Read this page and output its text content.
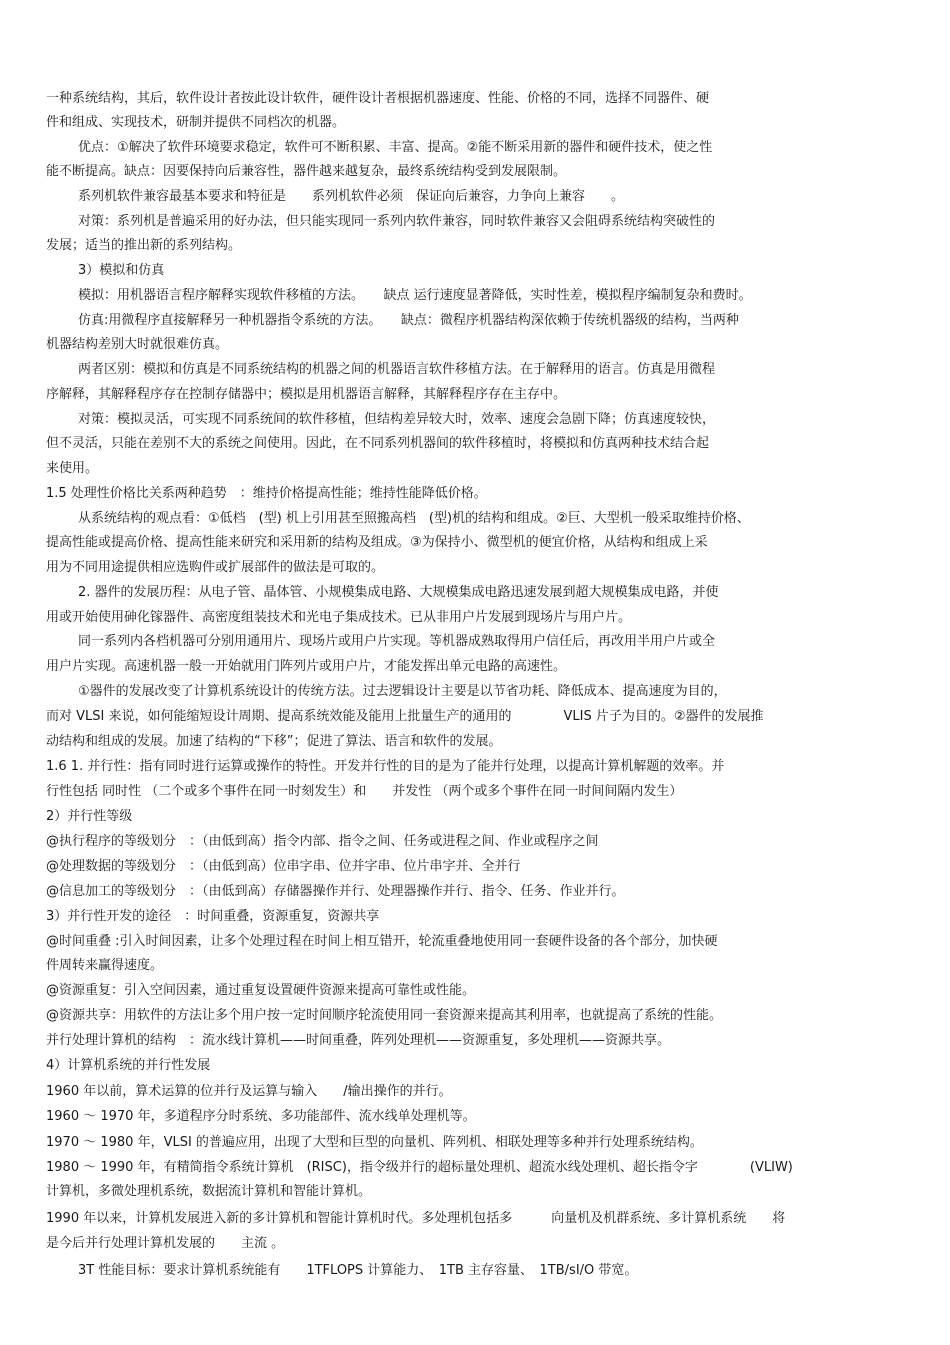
一种系统结构，其后，软件设计者按此设计软件，硬件设计者根据机器速度、性能、价格的不同，选择不同器件、硬
件和组成、实现技术，研制并提供不同档次的机器。
优点：①解决了软件环境要求稳定，软件可不断积累、丰富、提高。②能不断采用新的器件和硬件技术，使之性
能不断提高。缺点：因要保持向后兼容性，器件越来越复杂，最终系统结构受到发展限制。
系列机软件兼容最基本要求和特征是　　系列机软件必须　保证向后兼容，力争向上兼容　　。
对策：系列机是普遍采用的好办法，但只能实现同一系列内软件兼容，同时软件兼容又会阻碍系统结构突破性的
发展；适当的推出新的系列结构。
3）模拟和仿真
模拟：用机器语言程序解释实现软件移植的方法。　　缺点 运行速度显著降低，实时性差，模拟程序编制复杂和费时。
仿真:用微程序直接解释另一种机器指令系统的方法。　　缺点：微程序机器结构深依赖于传统机器级的结构，当两种
机器结构差别大时就很难仿真。
两者区别：模拟和仿真是不同系统结构的机器之间的机器语言软件移植方法。在于解释用的语言。仿真是用微程
序解释，其解释程序存在控制存储器中；模拟是用机器语言解释，其解释程序存在主存中。
对策：模拟灵活，可实现不同系统间的软件移植，但结构差异较大时，效率、速度会急剧下降；仿真速度较快，
但不灵活，只能在差别不大的系统之间使用。因此，在不同系列机器间的软件移植时，将模拟和仿真两种技术结合起
来使用。
1.5 处理性价格比关系两种趋势　：维持价格提高性能；维持性能降低价格。
从系统结构的观点看：①低档　(型) 机上引用甚至照搬高档　(型)机的结构和组成。②巨、大型机一般采取维持价格、
提高性能或提高价格、提高性能来研究和采用新的结构及组成。③为保持小、微型机的便宜价格，从结构和组成上采
用为不同用途提供相应选购件或扩展部件的做法是可取的。
2. 器件的发展历程：从电子管、晶体管、小规模集成电路、大规模集成电路迅速发展到超大规模集成电路，并使
用或开始使用砷化镓器件、高密度组装技术和光电子集成技术。已从非用户片发展到现场片与用户片。
同一系列内各档机器可分别用通用片、现场片或用户片实现。等机器成熟取得用户信任后，再改用半用户片或全
用户片实现。高速机器一般一开始就用门阵列片或用户片，才能发挥出单元电路的高速性。
①器件的发展改变了计算机系统设计的传统方法。过去逻辑设计主要是以节省功耗、降低成本、提高速度为目的，
而对 VLSI 来说，如何能缩短设计周期、提高系统效能及能用上批量生产的通用的　　　　VLIS 片子为目的。②器件的发展推
动结构和组成的发展。加速了结构的“下移”；促进了算法、语言和软件的发展。
1.6 1. 并行性：指有同时进行运算或操作的特性。开发并行性的目的是为了能并行处理，以提高计算机解题的效率。并
行性包括 同时性 （二个或多个事件在同一时刻发生）和　　并发性 （两个或多个事件在同一时间间隔内发生）
2）并行性等级
@执行程序的等级划分　：（由低到高）指令内部、指令之间、任务或进程之间、作业或程序之间
@处理数据的等级划分　：（由低到高）位串字串、位并字串、位片串字并、全并行
@信息加工的等级划分　：（由低到高）存储器操作并行、处理器操作并行、指令、任务、作业并行。
3）并行性开发的途径　：时间重叠，资源重复，资源共享
@时间重叠 :引入时间因素，让多个处理过程在时间上相互错开，轮流重叠地使用同一套硬件设备的各个部分，加快硬
件周转来赢得速度。
@资源重复：引入空间因素，通过重复设置硬件资源来提高可靠性或性能。
@资源共享：用软件的方法让多个用户按一定时间顺序轮流使用同一套资源来提高其利用率，也就提高了系统的性能。
并行处理计算机的结构　：流水线计算机——时间重叠，阵列处理机——资源重复，多处理机——资源共享。
4）计算机系统的并行性发展
1960 年以前，算术运算的位并行及运算与输入　　/输出操作的并行。
1960 ～ 1970 年，多道程序分时系统、多功能部件、流水线单处理机等。
1970 ～ 1980 年，VLSI 的普遍应用，出现了大型和巨型的向量机、阵列机、相联处理等多种并行处理系统结构。
1980 ～ 1990 年，有精简指令系统计算机　(RISC)，指令级并行的超标量处理机、超流水线处理机、超长指令字　　　　(VLIW)
计算机，多微处理机系统，数据流计算机和智能计算机。
1990 年以来，计算机发展进入新的多计算机和智能计算机时代。多处理机包括多　　　向量机及机群系统、多计算机系统　　将
是今后并行处理计算机发展的　　主流 。
3T 性能目标：要求计算机系统能有　　1TFLOPS 计算能力、　1TB 主存容量、　1TB/sI/O 带宽。
